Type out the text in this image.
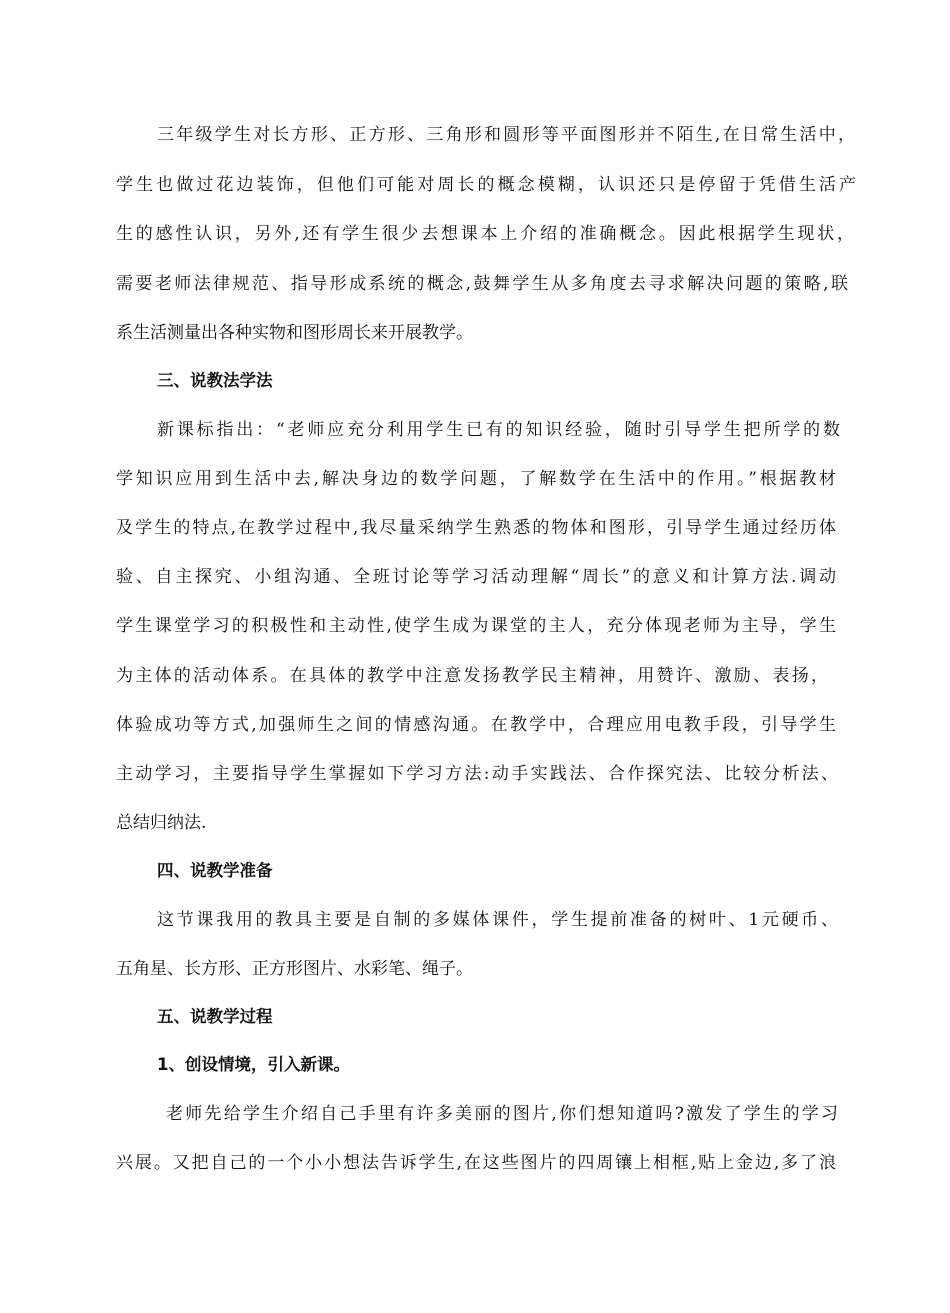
三年级学生对长方形、正方形、三角形和圆形等平面图形并不陌生,在日常生活中，
学生也做过花边装饰，但他们可能对周长的概念模糊，认识还只是停留于凭借生活产
生的感性认识，另外,还有学生很少去想课本上介绍的准确概念。因此根据学生现状，
需要老师法律规范、指导形成系统的概念,鼓舞学生从多角度去寻求解决问题的策略,联
系生活测量出各种实物和图形周长来开展教学。
三、说教法学法
新课标指出：“老师应充分利用学生已有的知识经验，随时引导学生把所学的数
学知识应用到生活中去,解决身边的数学问题，了解数学在生活中的作用。”根据教材
及学生的特点,在教学过程中,我尽量采纳学生熟悉的物体和图形，引导学生通过经历体
验、自主探究、小组沟通、全班讨论等学习活动理解“周长”的意义和计算方法.调动
学生课堂学习的积极性和主动性,使学生成为课堂的主人，充分体现老师为主导，学生
为主体的活动体系。在具体的教学中注意发扬教学民主精神，用赞许、激励、表扬，
体验成功等方式,加强师生之间的情感沟通。在教学中，合理应用电教手段，引导学生
主动学习，主要指导学生掌握如下学习方法:动手实践法、合作探究法、比较分析法、
总结归纳法.
四、说教学准备
这节课我用的教具主要是自制的多媒体课件，学生提前准备的树叶、1元硬币、
五角星、长方形、正方形图片、水彩笔、绳子。
五、说教学过程
1、创设情境，引入新课。
老师先给学生介绍自己手里有许多美丽的图片,你们想知道吗?激发了学生的学习
兴展。又把自己的一个小小想法告诉学生,在这些图片的四周镶上相框,贴上金边,多了浪
